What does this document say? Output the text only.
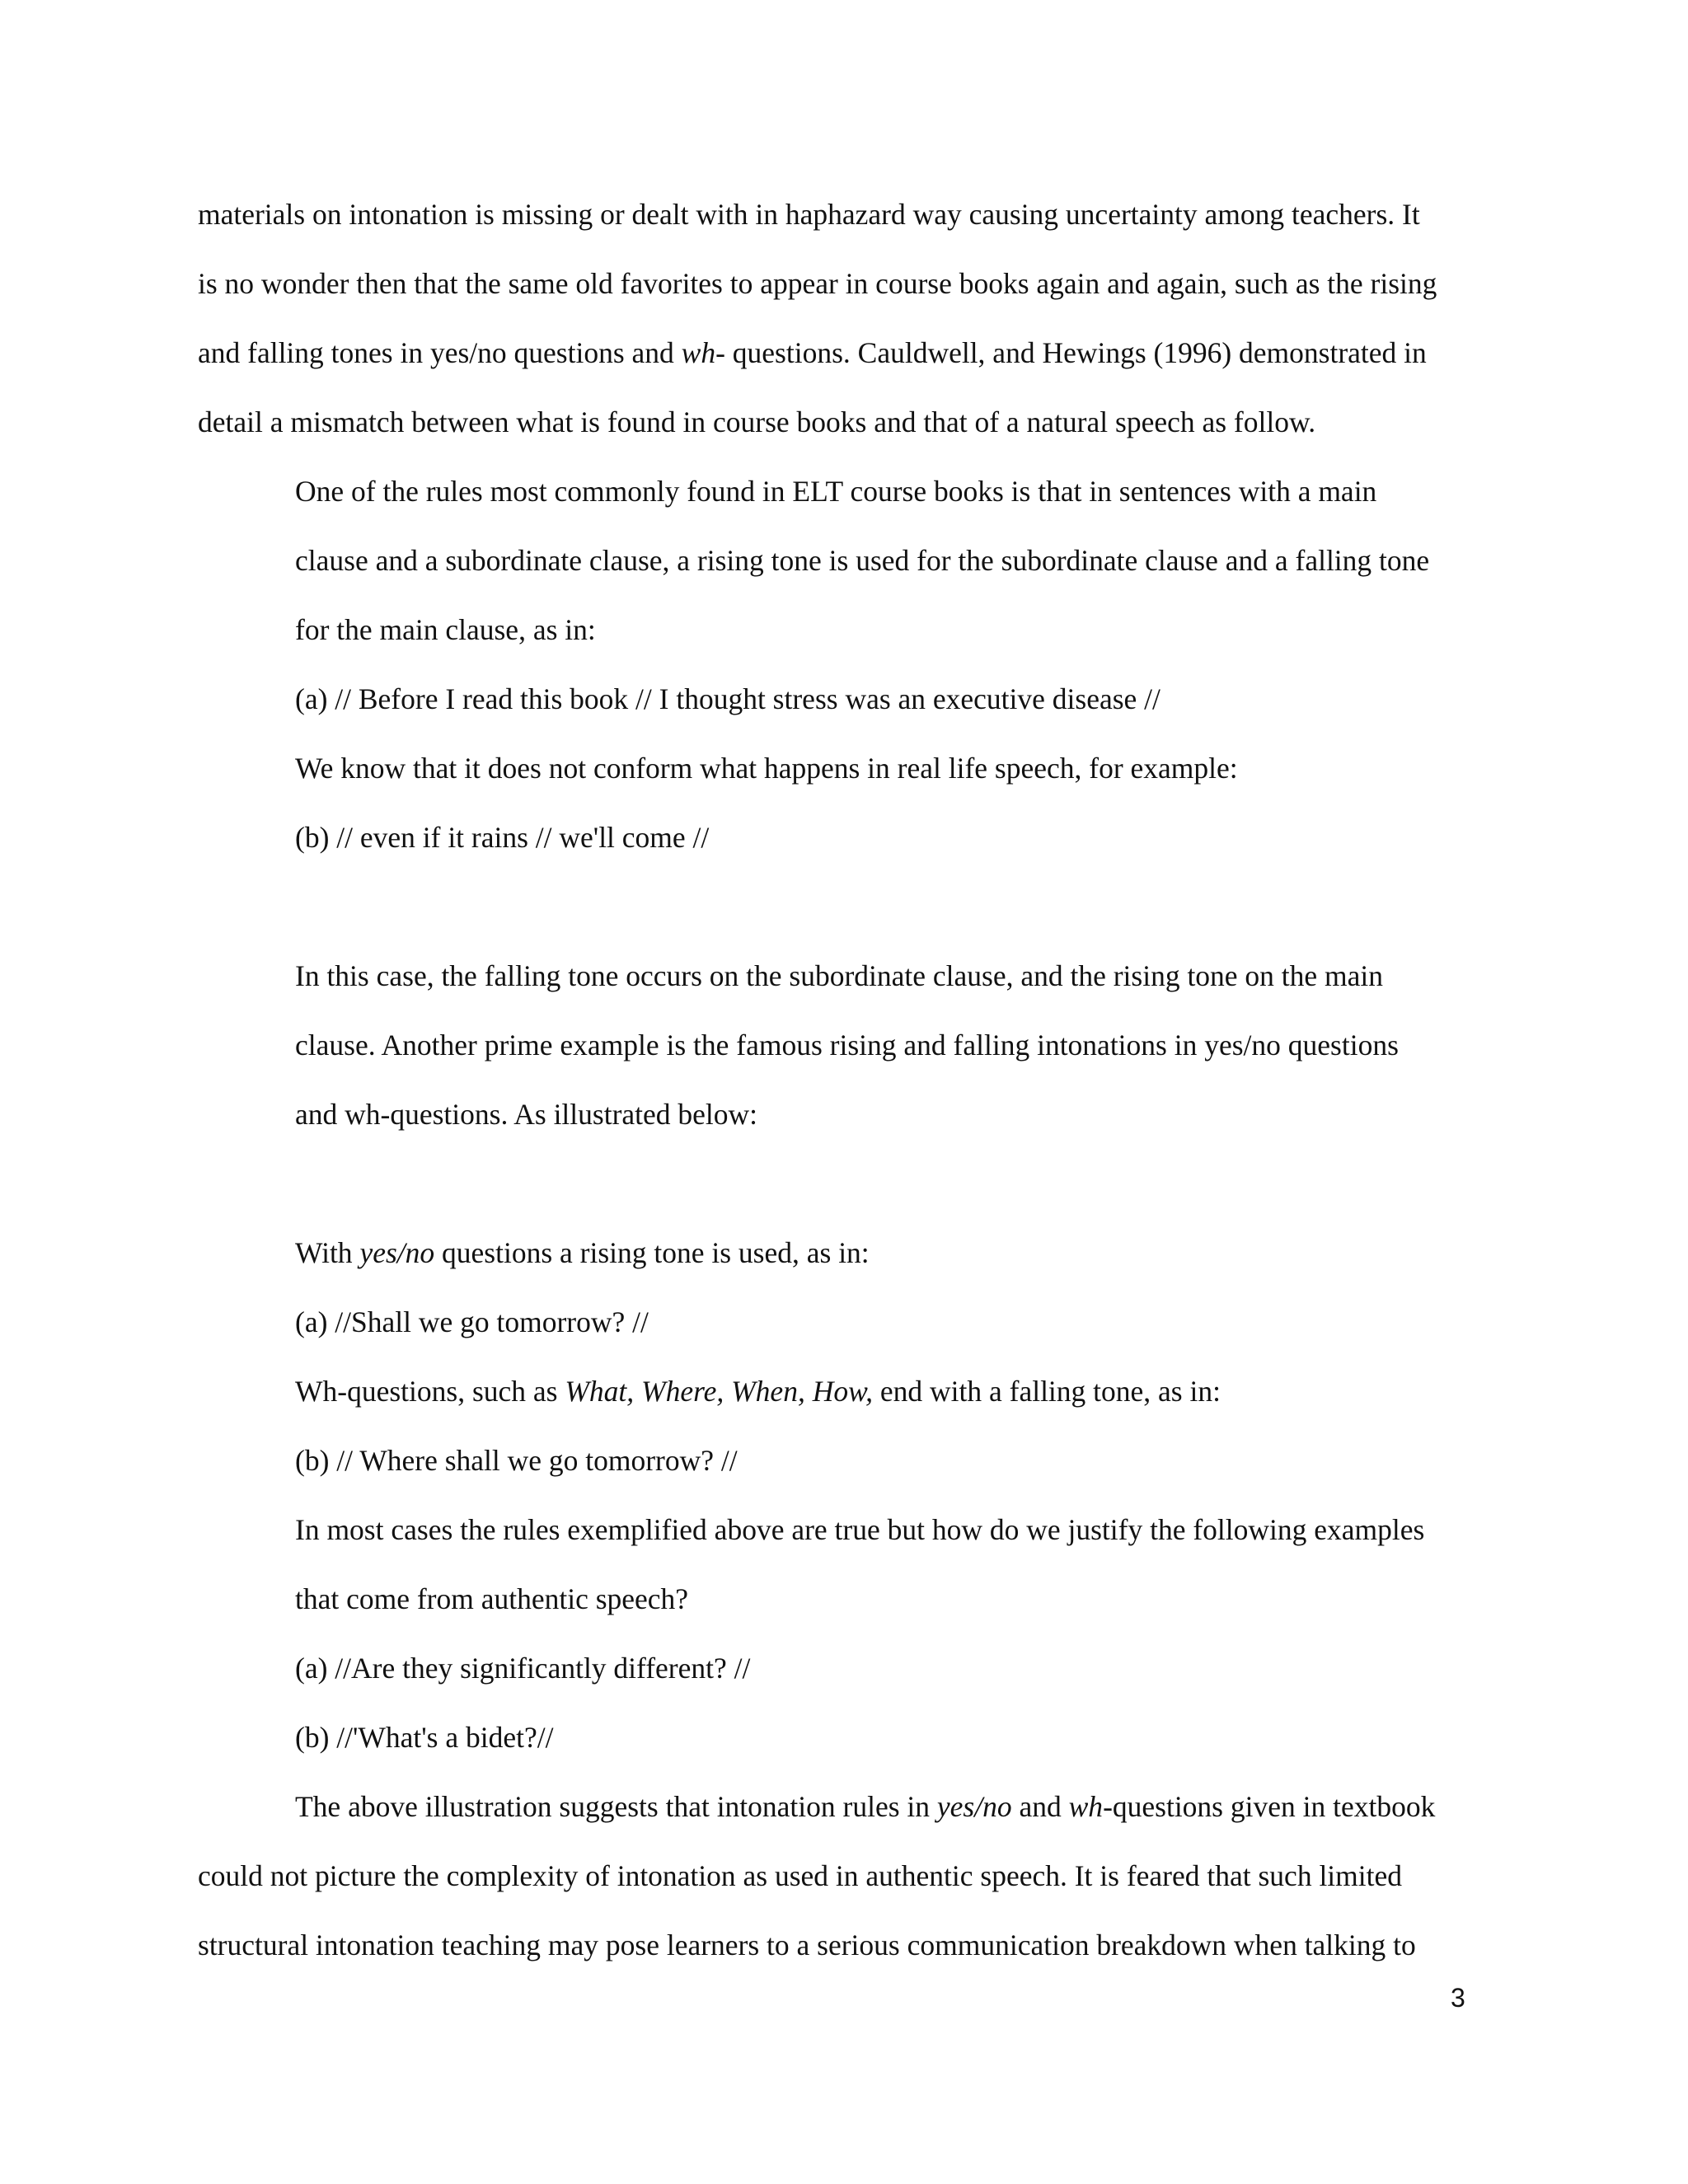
materials on intonation is missing or dealt with in haphazard way causing uncertainty among teachers. It
is no wonder then that the same old favorites to appear in course books again and again, such as the rising
and falling tones in yes/no questions and wh- questions. Cauldwell, and Hewings (1996) demonstrated in
detail a mismatch between what is found in course books and that of a natural speech as follow.
One of the rules most commonly found in ELT course books is that in sentences with a main
clause and a subordinate clause, a rising tone is used for the subordinate clause and a falling tone
for the main clause, as in:
(a) // Before I read this book // I thought stress was an executive disease //
We know that it does not conform what happens in real life speech, for example:
(b) // even if it rains // we'll come //
In this case, the falling tone occurs on the subordinate clause, and the rising tone on the main
clause. Another prime example is the famous rising and falling intonations in yes/no questions
and wh-questions. As illustrated below:
With yes/no questions a rising tone is used, as in:
(a) //Shall we go tomorrow? //
Wh-questions, such as What, Where, When, How, end with a falling tone, as in:
(b) // Where shall we go tomorrow? //
In most cases the rules exemplified above are true but how do we justify the following examples
that come from authentic speech?
(a) //Are they significantly different? //
(b) //'What's a bidet?//
The above illustration suggests that intonation rules in yes/no and wh-questions given in textbook
could not picture the complexity of intonation as used in authentic speech. It is feared that such limited
structural intonation teaching may pose learners to a serious communication breakdown when talking to
3
